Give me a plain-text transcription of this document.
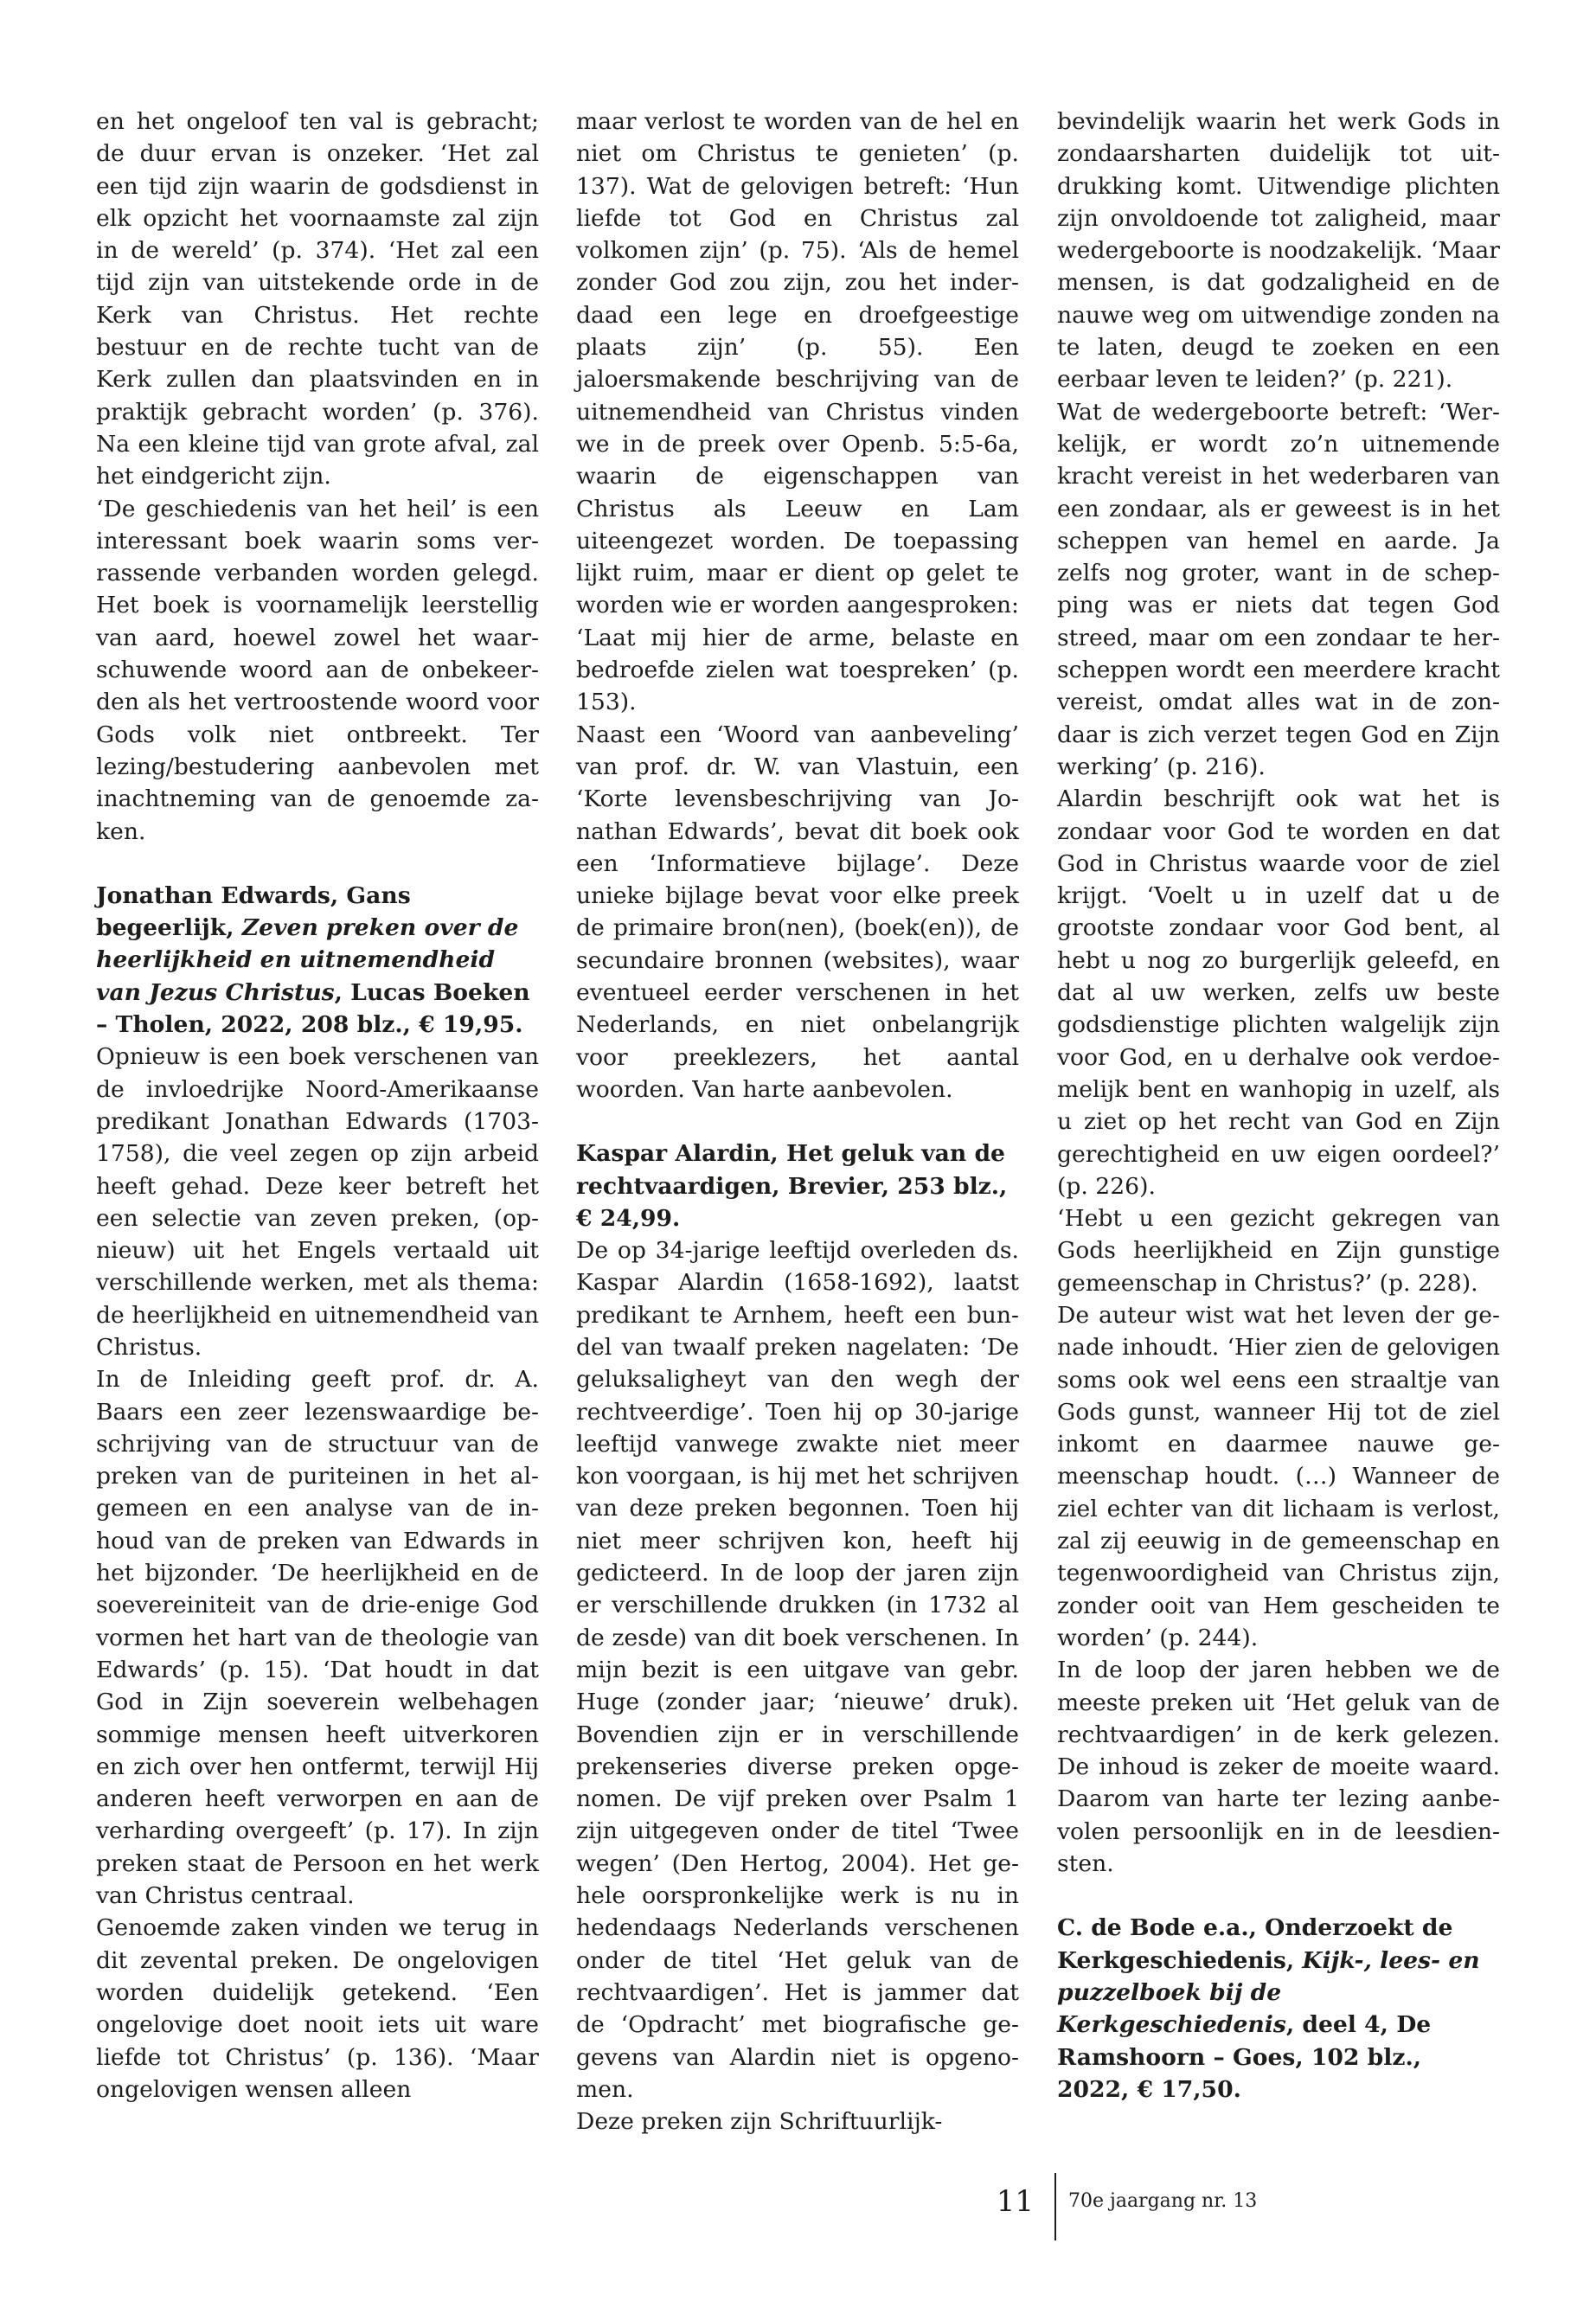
en het ongeloof ten val is gebracht; de duur ervan is onzeker. ‘Het zal een tijd zijn waarin de godsdienst in elk opzicht het voornaamste zal zijn in de wereld’ (p. 374). ‘Het zal een tijd zijn van uitstekende orde in de Kerk van Christus. Het rechte bestuur en de rechte tucht van de Kerk zullen dan plaatsvinden en in praktijk gebracht worden’ (p. 376). Na een kleine tijd van grote afval, zal het eindgericht zijn.

‘De geschiedenis van het heil’ is een interessant boek waarin soms verrassende verbanden worden gelegd. Het boek is voornamelijk leerstellig van aard, hoewel zowel het waarschuwende woord aan de onbekeerden als het vertroostende woord voor Gods volk niet ontbreekt. Ter lezing/bestudering aanbevolen met inachtneming van de genoemde zaken.

Jonathan Edwards, Gans begeerlijk, Zeven preken over de heerlijkheid en uitnemendheid van Jezus Christus, Lucas Boeken – Tholen, 2022, 208 blz., € 19,95.

Opnieuw is een boek verschenen van de invloedrijke Noord-Amerikaanse predikant Jonathan Edwards (1703-1758), die veel zegen op zijn arbeid heeft gehad. Deze keer betreft het een selectie van zeven preken, (opnieuw) uit het Engels vertaald uit verschillende werken, met als thema: de heerlijkheid en uitnemendheid van Christus.

In de Inleiding geeft prof. dr. A. Baars een zeer lezenswaardige beschrijving van de structuur van de preken van de puriteinen in het algemeen en een analyse van de inhoud van de preken van Edwards in het bijzonder. ‘De heerlijkheid en de soevereiniteit van de drie-enige God vormen het hart van de theologie van Edwards’ (p. 15). ‘Dat houdt in dat God in Zijn soeverein welbehagen sommige mensen heeft uitverkoren en zich over hen ontfermt, terwijl Hij anderen heeft verworpen en aan de verharding overgeeft’ (p. 17). In zijn preken staat de Persoon en het werk van Christus centraal.

Genoemde zaken vinden we terug in dit zevental preken. De ongelovigen worden duidelijk getekend. ‘Een ongelovige doet nooit iets uit ware liefde tot Christus’ (p. 136). ‘Maar ongelovigen wensen alleen

maar verlost te worden van de hel en niet om Christus te genieten’ (p. 137). Wat de gelovigen betreft: ‘Hun liefde tot God en Christus zal volkomen zijn’ (p. 75). ‘Als de hemel zonder God zou zijn, zou het inderdaad een lege en droefgeestige plaats zijn’ (p. 55). Een jaloersmakende beschrijving van de uitnemendheid van Christus vinden we in de preek over Openb. 5:5-6a, waarin de eigenschappen van Christus als Leeuw en Lam uiteengezet worden. De toepassing lijkt ruim, maar er dient op gelet te worden wie er worden aangesproken: ‘Laat mij hier de arme, belaste en bedroefde zielen wat toespreken’ (p. 153).

Naast een ‘Woord van aanbeveling’ van prof. dr. W. van Vlastuin, een ‘Korte levensbeschrijving van Jonathan Edwards’, bevat dit boek ook een ‘Informatieve bijlage’. Deze unieke bijlage bevat voor elke preek de primaire bron(nen), (boek(en)), de secundaire bronnen (websites), waar eventueel eerder verschenen in het Nederlands, en niet onbelangrijk voor preeklezers, het aantal woorden. Van harte aanbevolen.

Kaspar Alardin, Het geluk van de rechtvaardigen, Brevier, 253 blz., € 24,99.

De op 34-jarige leeftijd overleden ds. Kaspar Alardin (1658-1692), laatst predikant te Arnhem, heeft een bundel van twaalf preken nagelaten: ‘De geluksaligheyt van den wegh der rechtveerdige’. Toen hij op 30-jarige leeftijd vanwege zwakte niet meer kon voorgaan, is hij met het schrijven van deze preken begonnen. Toen hij niet meer schrijven kon, heeft hij gedicteerd. In de loop der jaren zijn er verschillende drukken (in 1732 al de zesde) van dit boek verschenen. In mijn bezit is een uitgave van gebr. Huge (zonder jaar; ‘nieuwe’ druk). Bovendien zijn er in verschillende prekenseries diverse preken opgenomen. De vijf preken over Psalm 1 zijn uitgegeven onder de titel ‘Twee wegen’ (Den Hertog, 2004). Het gehele oorspronkelijke werk is nu in hedendaags Nederlands verschenen onder de titel ‘Het geluk van de rechtvaardigen’. Het is jammer dat de ‘Opdracht’ met biografische gegevens van Alardin niet is opgenomen.

Deze preken zijn Schriftuurlijk-

bevindelijk waarin het werk Gods in zondaarsharten duidelijk tot uitdrukking komt. Uitwendige plichten zijn onvoldoende tot zaligheid, maar wedergeboorte is noodzakelijk. ‘Maar mensen, is dat godzaligheid en de nauwe weg om uitwendige zonden na te laten, deugd te zoeken en een eerbaar leven te leiden?’ (p. 221).

Wat de wedergeboorte betreft: ‘Werkelijk, er wordt zo’n uitnemende kracht vereist in het wederbaren van een zondaar, als er geweest is in het scheppen van hemel en aarde. Ja zelfs nog groter, want in de schepping was er niets dat tegen God streed, maar om een zondaar te herscheppen wordt een meerdere kracht vereist, omdat alles wat in de zondaar is zich verzet tegen God en Zijn werking’ (p. 216).

Alardin beschrijft ook wat het is zondaar voor God te worden en dat God in Christus waarde voor de ziel krijgt. ‘Voelt u in uzelf dat u de grootste zondaar voor God bent, al hebt u nog zo burgerlijk geleefd, en dat al uw werken, zelfs uw beste godsdienstige plichten walgelijk zijn voor God, en u derhalve ook verdoemelijk bent en wanhopig in uzelf, als u ziet op het recht van God en Zijn gerechtigheid en uw eigen oordeel?’ (p. 226).

‘Hebt u een gezicht gekregen van Gods heerlijkheid en Zijn gunstige gemeenschap in Christus?’ (p. 228).

De auteur wist wat het leven der genade inhoudt. ‘Hier zien de gelovigen soms ook wel eens een straaltje van Gods gunst, wanneer Hij tot de ziel inkomt en daarmee nauwe gemeenschap houdt. (…) Wanneer de ziel echter van dit lichaam is verlost, zal zij eeuwig in de gemeenschap en tegenwoordigheid van Christus zijn, zonder ooit van Hem gescheiden te worden’ (p. 244).

In de loop der jaren hebben we de meeste preken uit ‘Het geluk van de rechtvaardigen’ in de kerk gelezen. De inhoud is zeker de moeite waard. Daarom van harte ter lezing aanbevolen persoonlijk en in de leesdiensten.

C. de Bode e.a., Onderzoekt de Kerkgeschiedenis, Kijk-, lees- en puzzelboek bij de Kerkgeschiedenis, deel 4, De Ramshoorn – Goes, 102 blz., 2022, € 17,50.

11 70e jaargang nr. 13
